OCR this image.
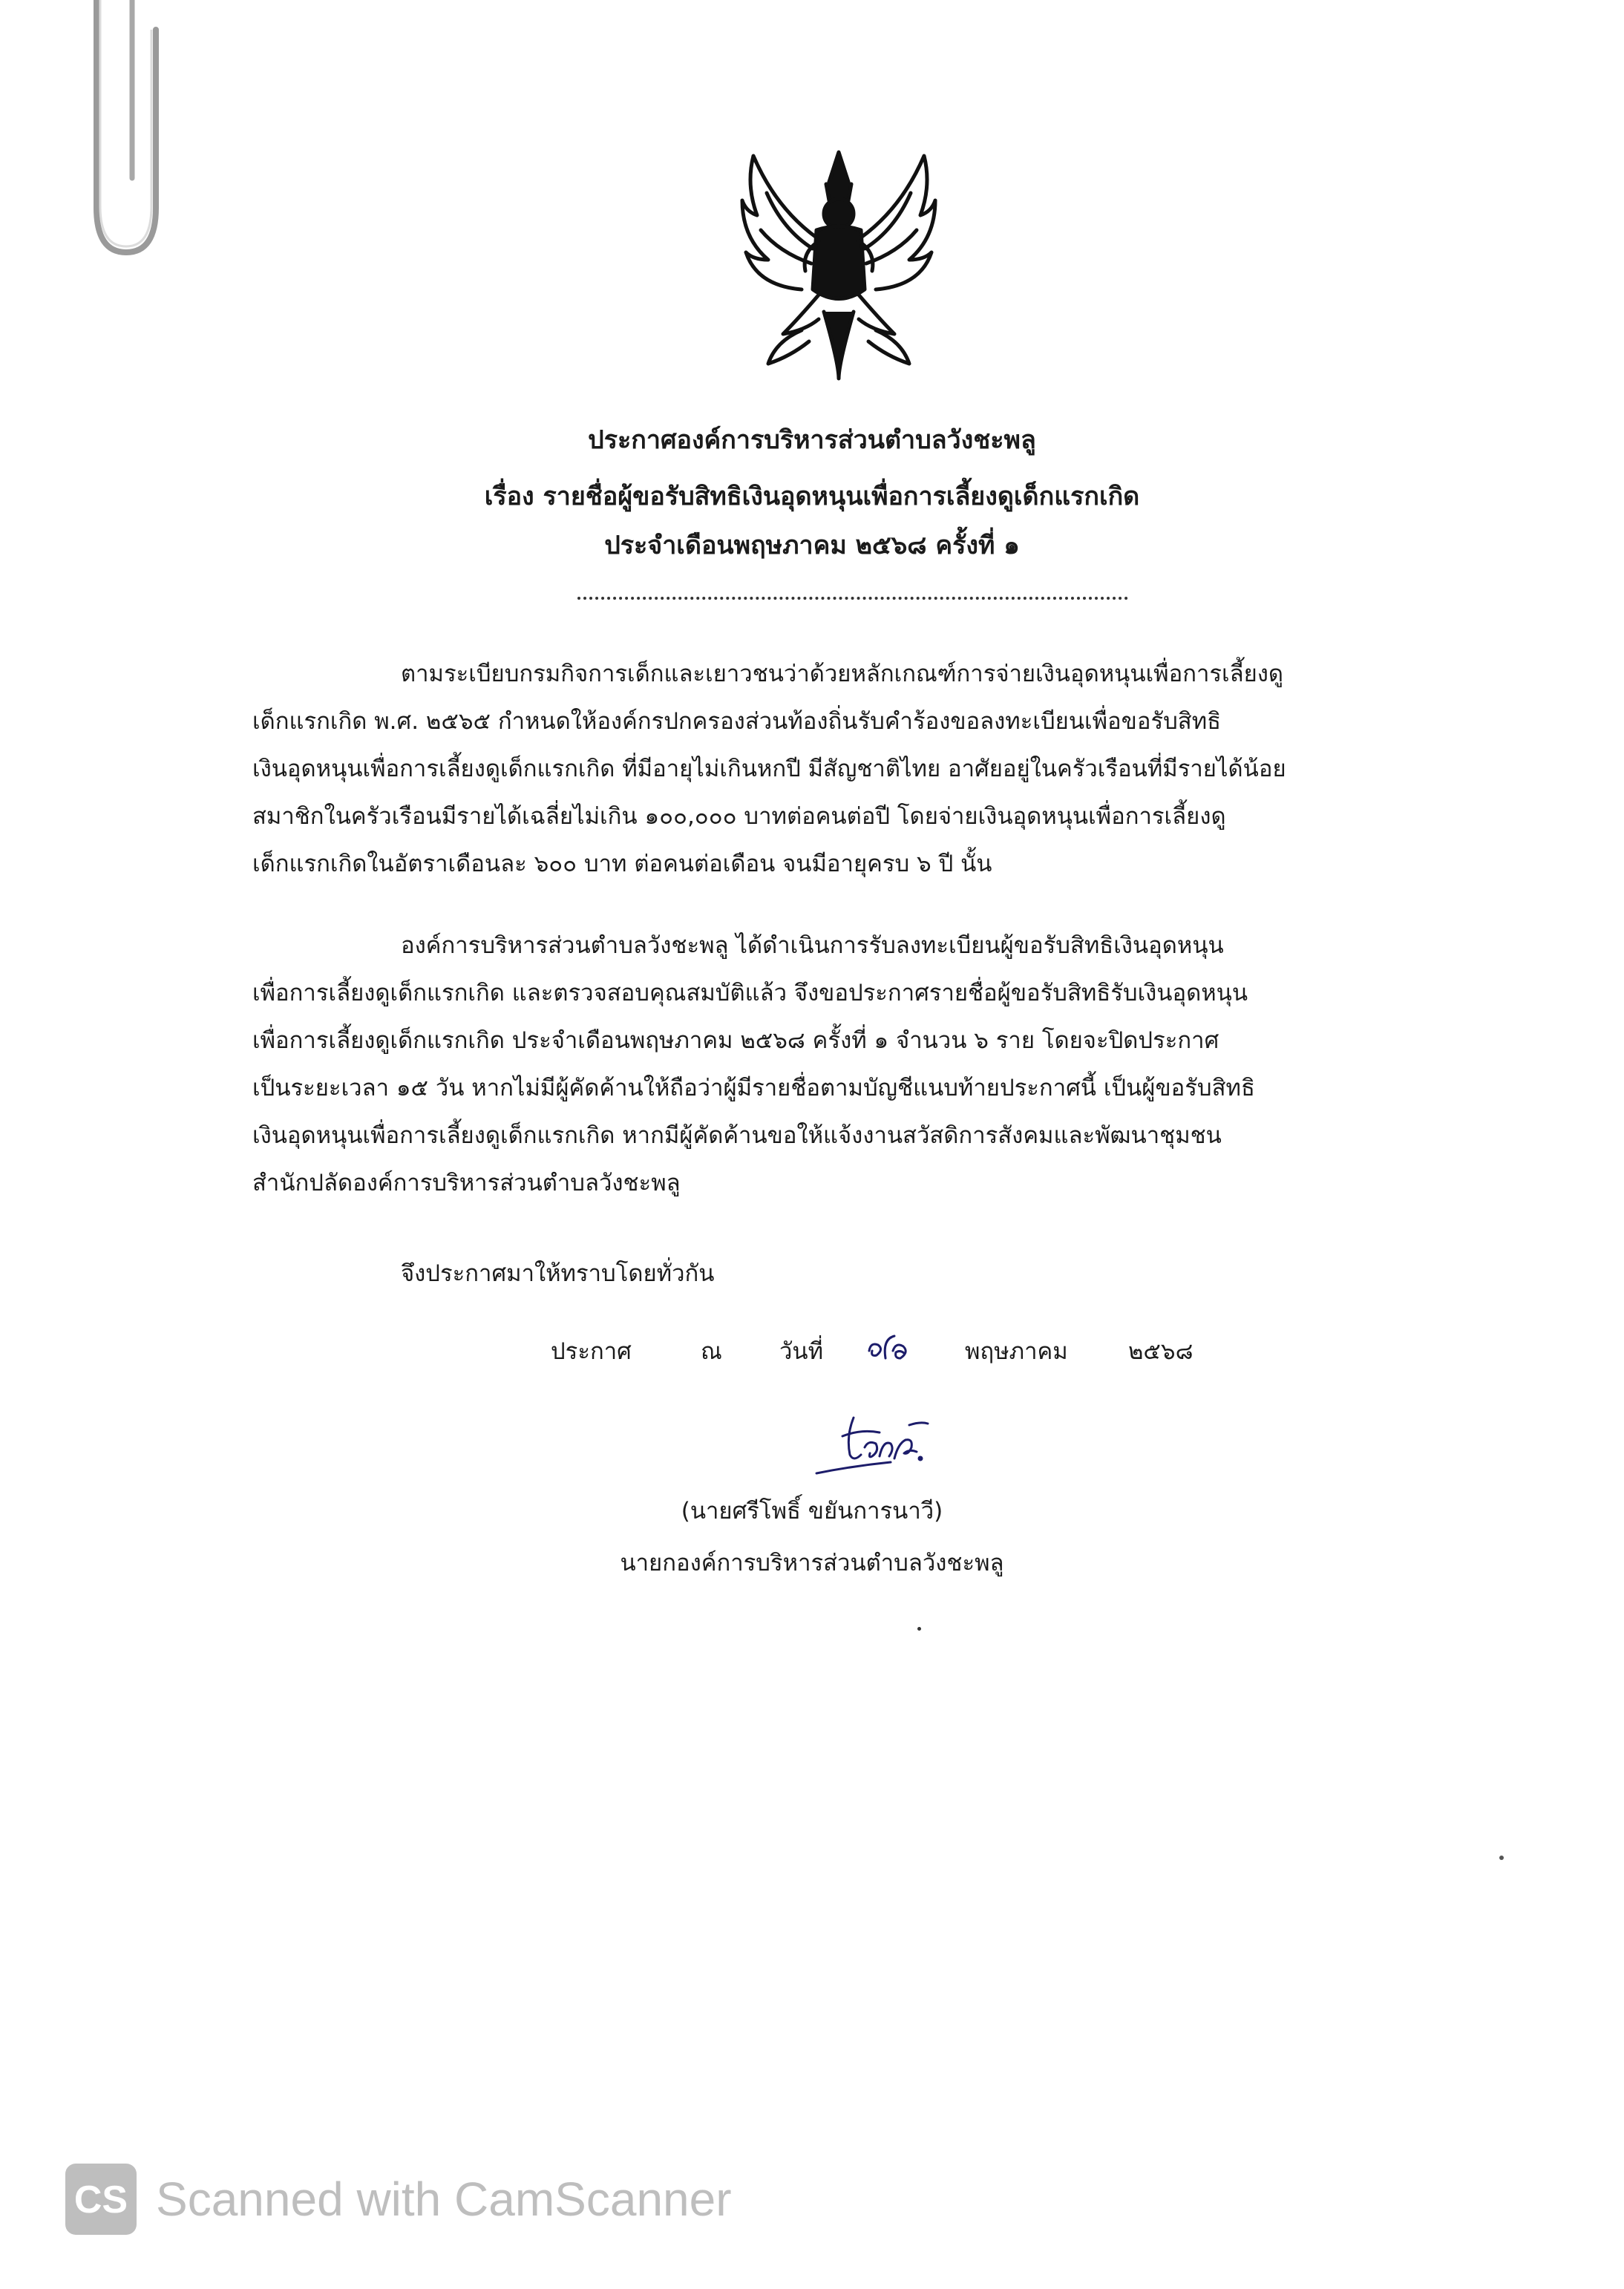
ประกาศองค์การบริหารส่วนตำบลวังชะพลู
เรื่อง รายชื่อผู้ขอรับสิทธิเงินอุดหนุนเพื่อการเลี้ยงดูเด็กแรกเกิด
ประจำเดือนพฤษภาคม ๒๕๖๘ ครั้งที่ ๑
ตามระเบียบกรมกิจการเด็กและเยาวชนว่าด้วยหลักเกณฑ์การจ่ายเงินอุดหนุนเพื่อการเลี้ยงดู
เด็กแรกเกิด พ.ศ. ๒๕๖๕ กำหนดให้องค์กรปกครองส่วนท้องถิ่นรับคำร้องขอลงทะเบียนเพื่อขอรับสิทธิ
เงินอุดหนุนเพื่อการเลี้ยงดูเด็กแรกเกิด ที่มีอายุไม่เกินหกปี มีสัญชาติไทย อาศัยอยู่ในครัวเรือนที่มีรายได้น้อย
สมาชิกในครัวเรือนมีรายได้เฉลี่ยไม่เกิน ๑๐๐,๐๐๐ บาทต่อคนต่อปี โดยจ่ายเงินอุดหนุนเพื่อการเลี้ยงดู
เด็กแรกเกิดในอัตราเดือนละ ๖๐๐ บาท ต่อคนต่อเดือน จนมีอายุครบ ๖ ปี นั้น
องค์การบริหารส่วนตำบลวังชะพลู ได้ดำเนินการรับลงทะเบียนผู้ขอรับสิทธิเงินอุดหนุน
เพื่อการเลี้ยงดูเด็กแรกเกิด และตรวจสอบคุณสมบัติแล้ว จึงขอประกาศรายชื่อผู้ขอรับสิทธิรับเงินอุดหนุน
เพื่อการเลี้ยงดูเด็กแรกเกิด ประจำเดือนพฤษภาคม ๒๕๖๘ ครั้งที่ ๑ จำนวน ๖ ราย โดยจะปิดประกาศ
เป็นระยะเวลา ๑๕ วัน หากไม่มีผู้คัดค้านให้ถือว่าผู้มีรายชื่อตามบัญชีแนบท้ายประกาศนี้ เป็นผู้ขอรับสิทธิ
เงินอุดหนุนเพื่อการเลี้ยงดูเด็กแรกเกิด หากมีผู้คัดค้านขอให้แจ้งงานสวัสดิการสังคมและพัฒนาชุมชน
สำนักปลัดองค์การบริหารส่วนตำบลวังชะพลู
จึงประกาศมาให้ทราบโดยทั่วกัน
ประกาศ	ณ วันที่	พฤษภาคม	๒๕๖๘
(นายศรีโพธิ์ ขยันการนาวี)
นายกองค์การบริหารส่วนตำบลวังชะพลู
CS Scanned with CamScanner
